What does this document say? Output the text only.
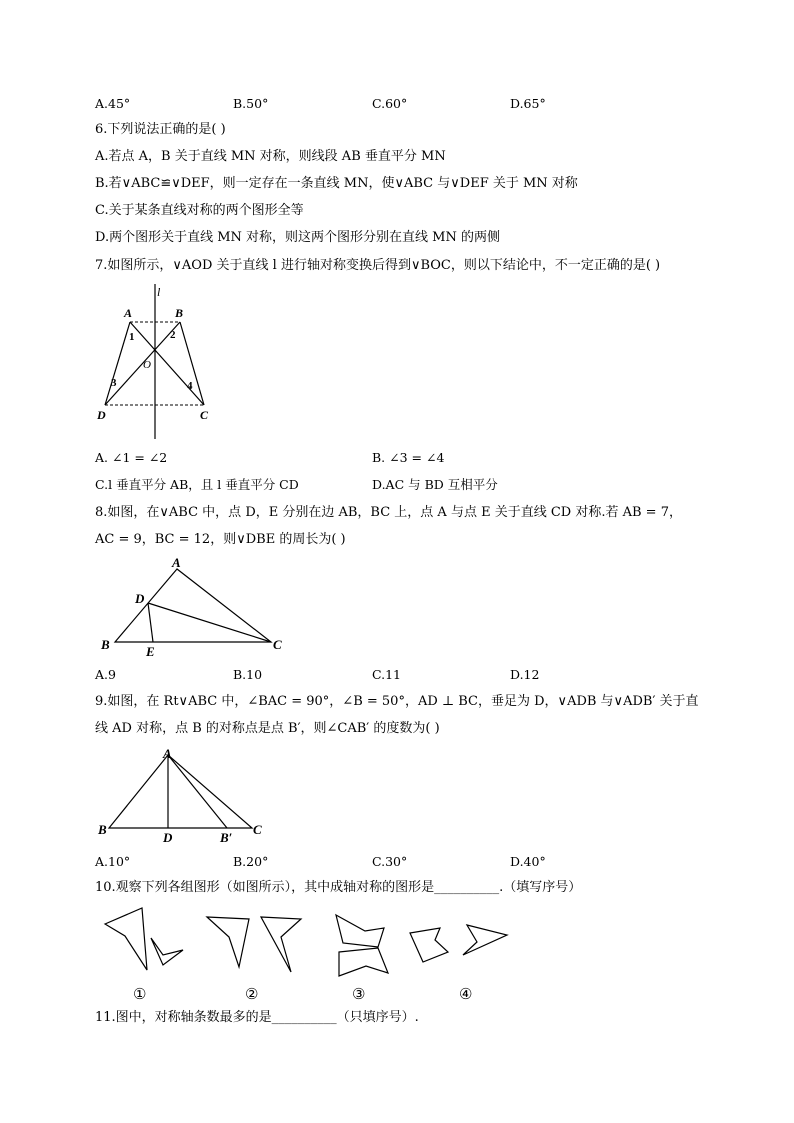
A.45°	B.50°	C.60°	D.65°
6.下列说法正确的是( )
A.若点 A，B 关于直线 MN 对称，则线段 AB 垂直平分 MN
B.若∨ABC≌∨DEF，则一定存在一条直线 MN，使∨ABC 与∨DEF 关于 MN 对称
C.关于某条直线对称的两个图形全等
D.两个图形关于直线 MN 对称，则这两个图形分别在直线 MN 的两侧
7.如图所示，∨AOD 关于直线 l 进行轴对称变换后得到∨BOC，则以下结论中，不一定正确的是( )
l
A	B
O
D	C
1	2
3	4
A. ∠1 = ∠2	B. ∠3 = ∠4
C.l 垂直平分 AB，且 l 垂直平分 CD	D.AC 与 BD 互相平分
8.如图，在∨ABC 中，点 D，E 分别在边 AB，BC 上，点 A 与点 E 关于直线 CD 对称.若 AB = 7，
AC = 9，BC = 12，则∨DBE 的周长为( )
A
D
B	E	C
A.9	B.10	C.11	D.12
9.如图，在 Rt∨ABC 中，∠BAC = 90°，∠B = 50°，AD ⊥ BC，垂足为 D，∨ADB 与∨ADB′ 关于直
线 AD 对称，点 B 的对称点是点 B′，则∠CAB′ 的度数为( )
A
B
D	B′
C
A.10°	B.20°	C.30°	D.40°
10.观察下列各组图形（如图所示），其中成轴对称的图形是__________.（填写序号）
①	②	③	④
11.图中，对称轴条数最多的是__________（只填序号）.
